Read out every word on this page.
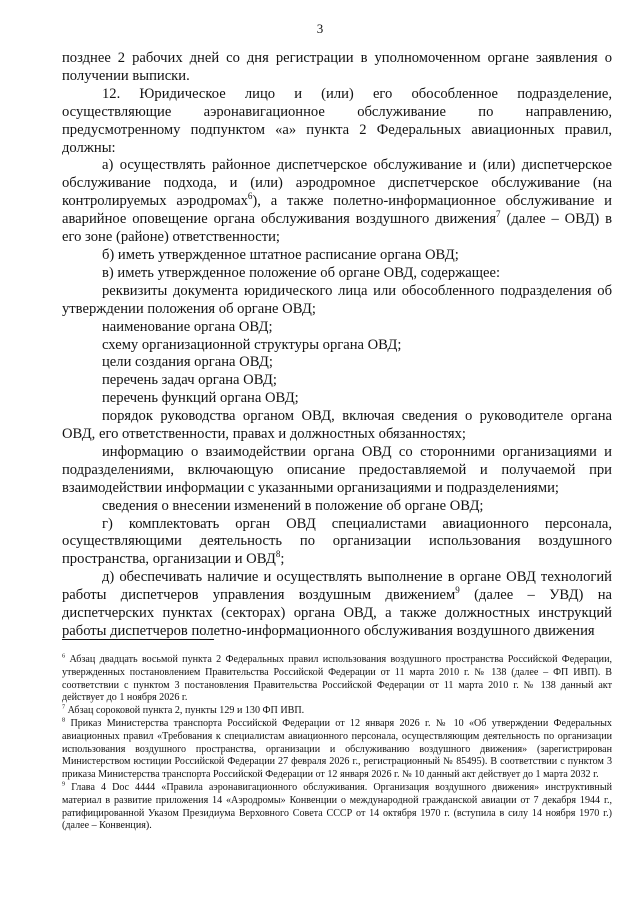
3

позднее 2 рабочих дней со дня регистрации в уполномоченном органе заявления о получении выписки.

12. Юридическое лицо и (или) его обособленное подразделение, осуществляющие аэронавигационное обслуживание по направлению, предусмотренному подпунктом «а» пункта 2 Федеральных авиационных правил, должны:

а) осуществлять районное диспетчерское обслуживание и (или) диспетчерское обслуживание подхода, и (или) аэродромное диспетчерское обслуживание (на контролируемых аэродромах$^6$), а также полетно-информационное обслуживание и аварийное оповещение органа обслуживания воздушного движения$^7$ (далее – ОВД) в его зоне (районе) ответственности;

б) иметь утвержденное штатное расписание органа ОВД;

в) иметь утвержденное положение об органе ОВД, содержащее:

реквизиты документа юридического лица или обособленного подразделения об утверждении положения об органе ОВД;

наименование органа ОВД;

схему организационной структуры органа ОВД;

цели создания органа ОВД;

перечень задач органа ОВД;

перечень функций органа ОВД;

порядок руководства органом ОВД, включая сведения о руководителе органа ОВД, его ответственности, правах и должностных обязанностях;

информацию о взаимодействии органа ОВД со сторонними организациями и подразделениями, включающую описание предоставляемой и получаемой при взаимодействии информации с указанными организациями и подразделениями;

сведения о внесении изменений в положение об органе ОВД;

г) комплектовать орган ОВД специалистами авиационного персонала, осуществляющими деятельность по организации использования воздушного пространства, организации и ОВД$^8$;

д) обеспечивать наличие и осуществлять выполнение в органе ОВД технологий работы диспетчеров управления воздушным движением$^9$ (далее – УВД) на диспетчерских пунктах (секторах) органа ОВД, а также должностных инструкций работы диспетчеров полетно-информационного обслуживания воздушного движения

$^6$ Абзац двадцать восьмой пункта 2 Федеральных правил использования воздушного пространства Российской Федерации, утвержденных постановлением Правительства Российской Федерации от 11 марта 2010 г. № 138 (далее – ФП ИВП). В соответствии с пунктом 3 постановления Правительства Российской Федерации от 11 марта 2010 г. № 138 данный акт действует до 1 ноября 2026 г.

$^7$ Абзац сороковой пункта 2, пункты 129 и 130 ФП ИВП.

$^8$ Приказ Министерства транспорта Российской Федерации от 12 января 2026 г. № 10 «Об утверждении Федеральных авиационных правил «Требования к специалистам авиационного персонала, осуществляющим деятельность по организации использования воздушного пространства, организации и обслуживанию воздушного движения» (зарегистрирован Министерством юстиции Российской Федерации 27 февраля 2026 г., регистрационный № 85495). В соответствии с пунктом 3 приказа Министерства транспорта Российской Федерации от 12 января 2026 г. № 10 данный акт действует до 1 марта 2032 г.

$^9$ Глава 4 Doc 4444 «Правила аэронавигационного обслуживания. Организация воздушного движения» инструктивный материал в развитие приложения 14 «Аэродромы» Конвенции о международной гражданской авиации от 7 декабря 1944 г., ратифицированной Указом Президиума Верховного Совета СССР от 14 октября 1970 г. (вступила в силу 14 ноября 1970 г.) (далее – Конвенция).
